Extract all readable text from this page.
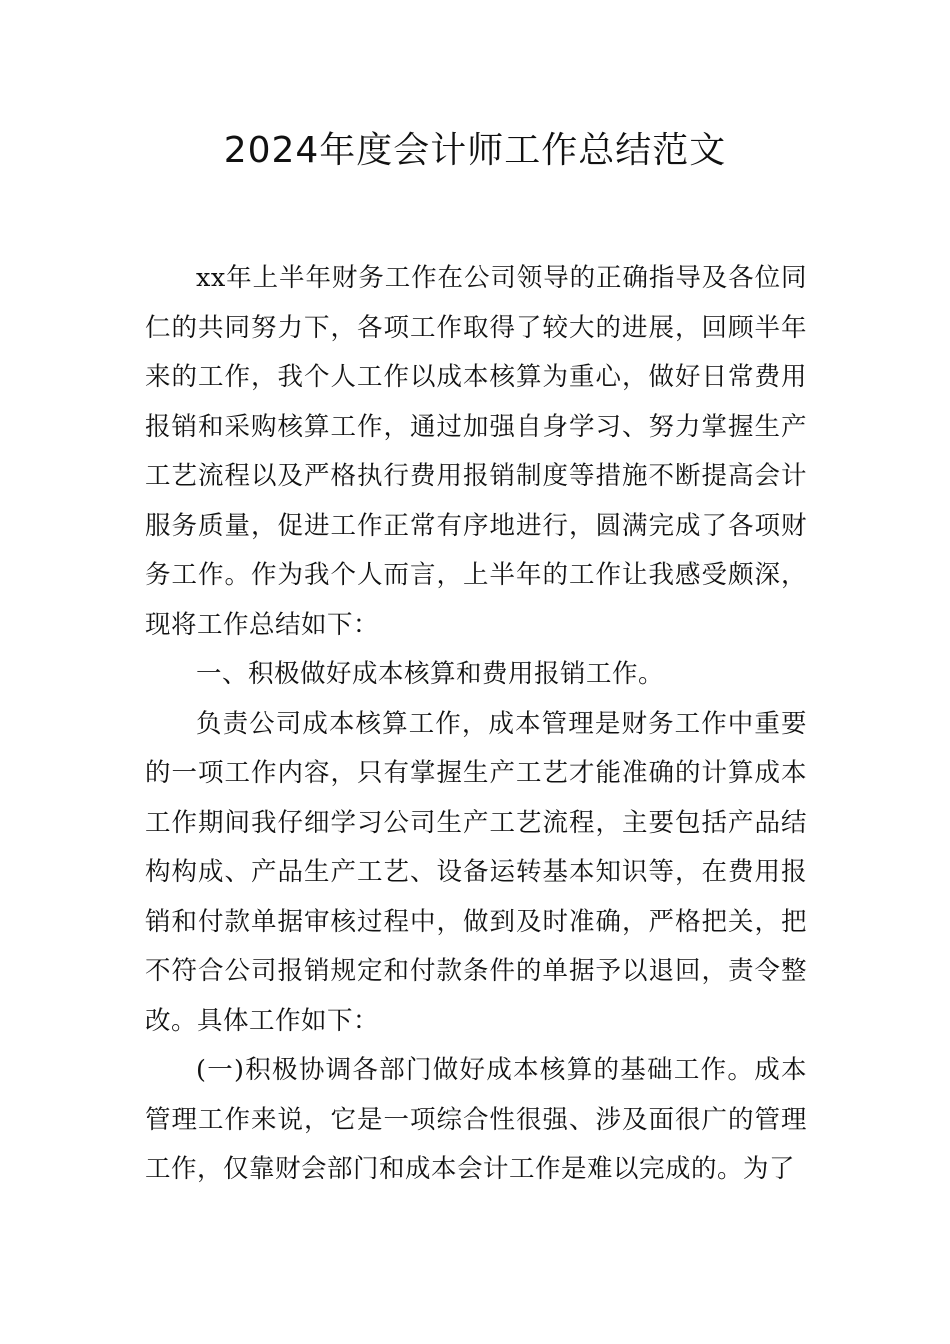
2024年度会计师工作总结范文

xx年上半年财务工作在公司领导的正确指导及各位同仁的共同努力下，各项工作取得了较大的进展，回顾半年来的工作，我个人工作以成本核算为重心，做好日常费用报销和采购核算工作，通过加强自身学习、努力掌握生产工艺流程以及严格执行费用报销制度等措施不断提高会计服务质量，促进工作正常有序地进行，圆满完成了各项财务工作。作为我个人而言，上半年的工作让我感受颇深，现将工作总结如下：

一、积极做好成本核算和费用报销工作。

负责公司成本核算工作，成本管理是财务工作中重要的一项工作内容，只有掌握生产工艺才能准确的计算成本工作期间我仔细学习公司生产工艺流程，主要包括产品结构构成、产品生产工艺、设备运转基本知识等，在费用报销和付款单据审核过程中，做到及时准确，严格把关，把不符合公司报销规定和付款条件的单据予以退回，责令整改。具体工作如下：

(一)积极协调各部门做好成本核算的基础工作。成本管理工作来说，它是一项综合性很强、涉及面很广的管理工作，仅靠财会部门和成本会计工作是难以完成的。为了
